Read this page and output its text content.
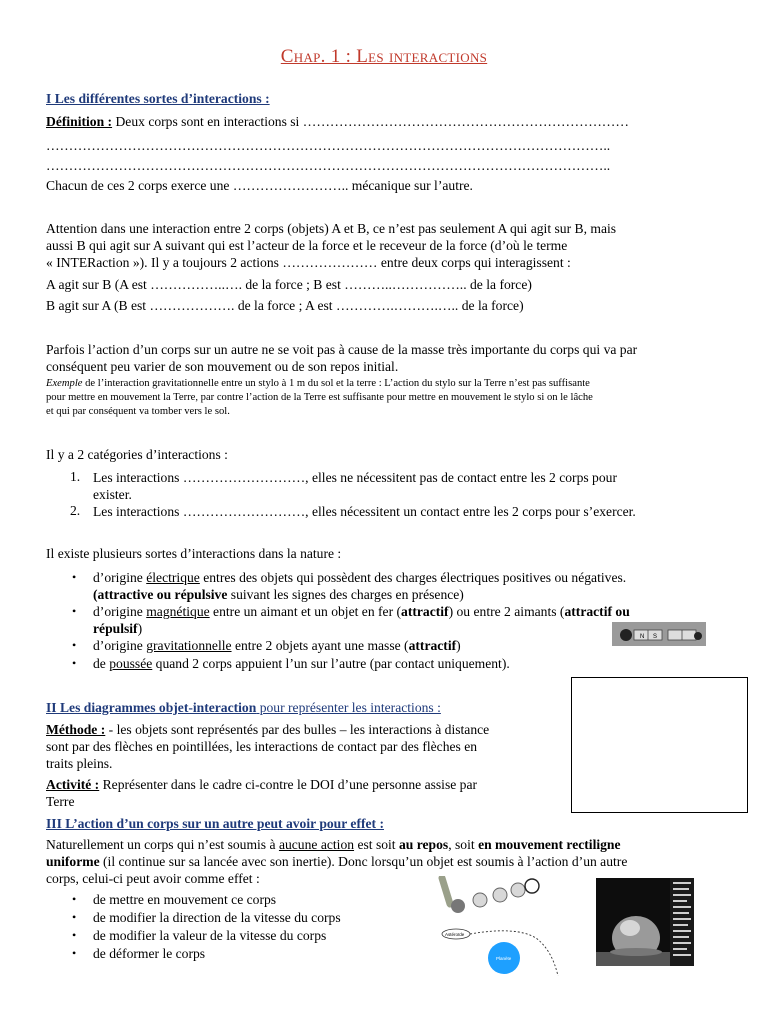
Chap. 1 : Les interactions
I Les différentes sortes d’interactions :
Définition : Deux corps sont en interactions si ………………………………………………………………
……………………………………………………………………………………………………………..
……………………………………………………………………………………………………………..
Chacun de ces 2 corps exerce une …………………….. mécanique sur l’autre.
Attention dans une interaction entre 2 corps (objets) A et B, ce n’est pas seulement A qui agit sur B, mais
aussi B qui agit sur A suivant qui est l’acteur de la force et le receveur de la force (d’où le terme
« INTERaction »). Il y a toujours 2 actions ………………… entre deux corps qui interagissent :
A agit sur B (A est ……………..…. de la force ; B est ………..…………….. de la force)
B agit sur A (B est ………………. de la force ; A est ………….……….….. de la force)
Parfois l’action d’un corps sur un autre ne se voit pas à cause de la masse très importante du corps qui va par
conséquent peu varier de son mouvement ou de son repos initial.
Exemple de l’interaction gravitationnelle entre un stylo à 1 m du sol et la terre : L’action du stylo sur la Terre n’est pas suffisante
pour mettre en mouvement la Terre, par contre l’action de la Terre est suffisante pour mettre en mouvement le stylo si on le lâche
et qui par conséquent va tomber vers le sol.
Il y a 2 catégories d’interactions :
1. Les interactions ………………………, elles ne nécessitent pas de contact entre les 2 corps pour
exister.
2. Les interactions ………………………, elles nécessitent un contact entre les 2 corps pour s’exercer.
Il existe plusieurs sortes d’interactions dans la nature :
• d’origine électrique entres des objets qui possèdent des charges électriques positives ou négatives.
(attractive ou répulsive suivant les signes des charges en présence)
• d’origine magnétique entre un aimant et un objet en fer (attractif) ou entre 2 aimants (attractif ou
répulsif)
• d’origine gravitationnelle entre 2 objets ayant une masse (attractif)
• de poussée quand 2 corps appuient l’un sur l’autre (par contact uniquement).
N S
II Les diagrammes objet-interaction pour représenter les interactions :
Méthode : - les objets sont représentés par des bulles – les interactions à distance
sont par des flèches en pointillées, les interactions de contact par des flèches en
traits pleins.
Activité : Représenter dans le cadre ci-contre le DOI d’une personne assise par
Terre
III L’action d’un corps sur un autre peut avoir pour effet :
Naturellement un corps qui n’est soumis à aucune action est soit au repos, soit en mouvement rectiligne
uniforme (il continue sur sa lancée avec son inertie). Donc lorsqu’un objet est soumis à l’action d’un autre
corps, celui-ci peut avoir comme effet :
• de mettre en mouvement ce corps
• de modifier la direction de la vitesse du corps
• de modifier la valeur de la vitesse du corps
• de déformer le corps
Astéroïde
Planète
